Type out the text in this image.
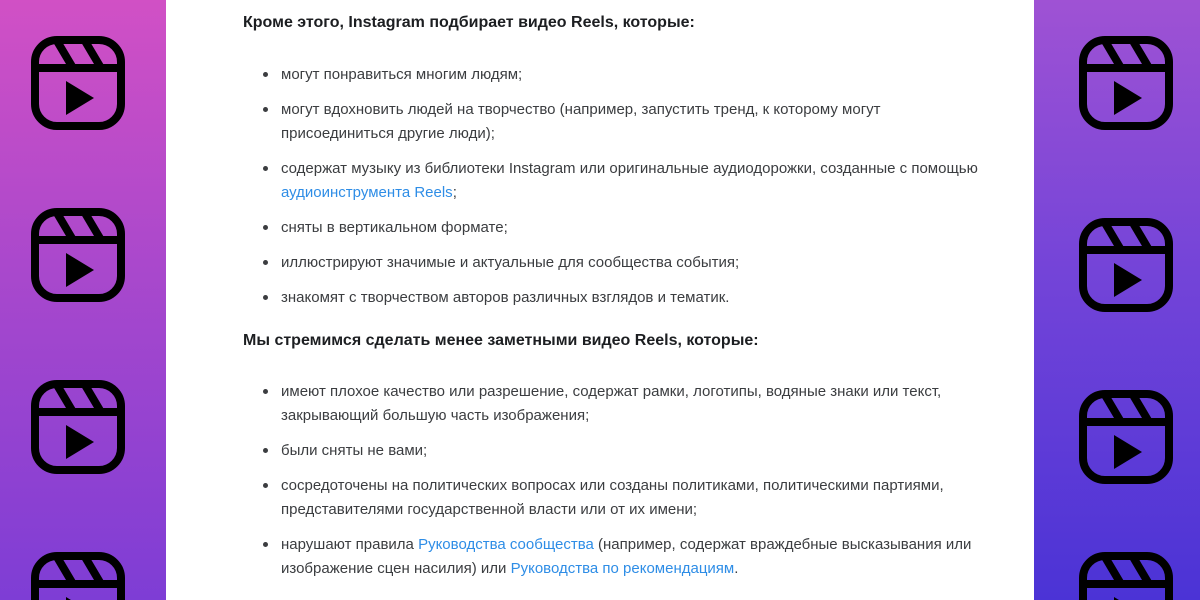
Кроме этого, Instagram подбирает видео Reels, которые:
могут понравиться многим людям;
могут вдохновить людей на творчество (например, запустить тренд, к которому могут присоединиться другие люди);
содержат музыку из библиотеки Instagram или оригинальные аудиодорожки, созданные с помощью аудиоинструмента Reels;
сняты в вертикальном формате;
иллюстрируют значимые и актуальные для сообщества события;
знакомят с творчеством авторов различных взглядов и тематик.
Мы стремимся сделать менее заметными видео Reels, которые:
имеют плохое качество или разрешение, содержат рамки, логотипы, водяные знаки или текст, закрывающий большую часть изображения;
были сняты не вами;
сосредоточены на политических вопросах или созданы политиками, политическими партиями, представителями государственной власти или от их имени;
нарушают правила Руководства сообщества (например, содержат враждебные высказывания или изображение сцен насилия) или Руководства по рекомендациям.
